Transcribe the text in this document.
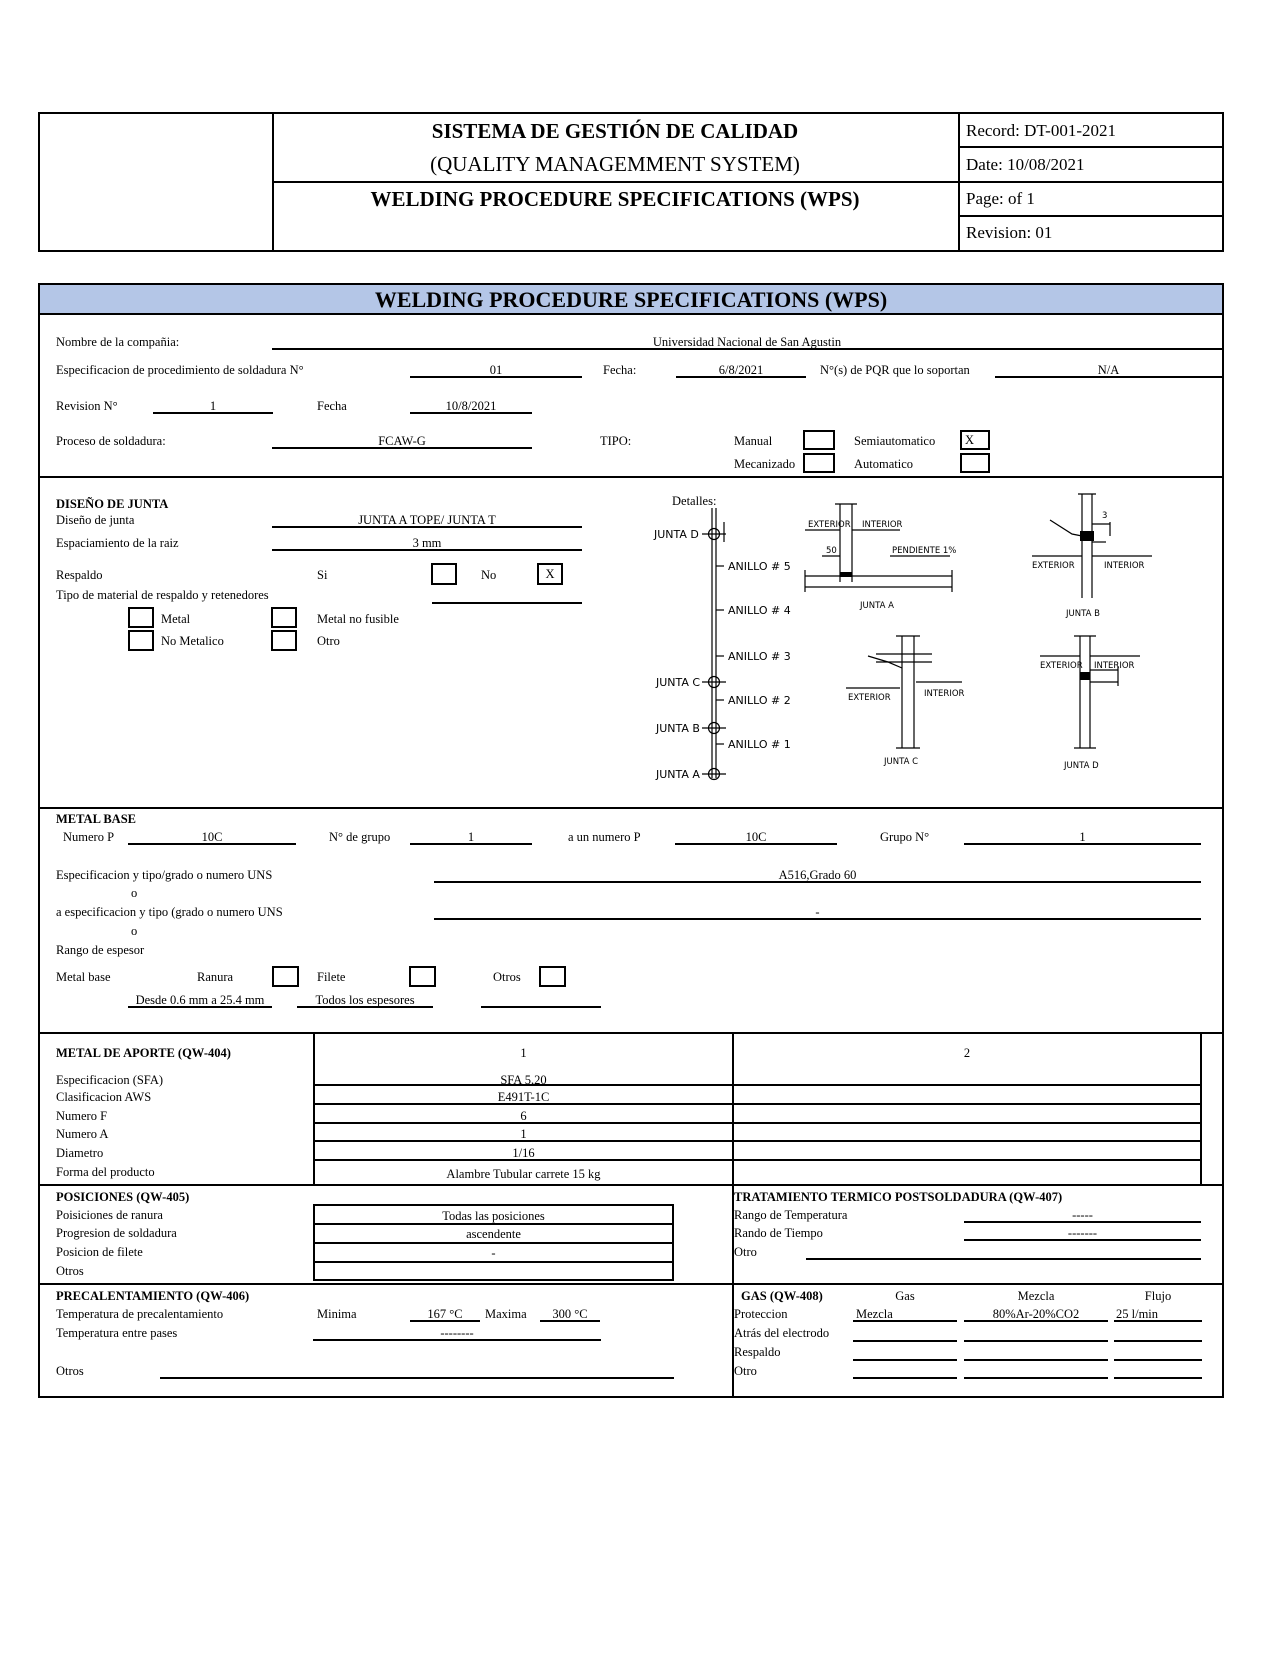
SISTEMA DE GESTIÓN DE CALIDAD
(QUALITY MANAGEMMENT SYSTEM)
WELDING PROCEDURE SPECIFICATIONS (WPS)
Record: DT-001-2021
Date: 10/08/2021
Page: of 1
Revision: 01
WELDING PROCEDURE SPECIFICATIONS (WPS)
Nombre de la compañia:	Universidad Nacional de San Agustin
Especificacion de procedimiento de soldadura N°	01	Fecha:	6/8/2021	N°(s) de PQR que lo soportan	N/A
Revision N°	1	Fecha	10/8/2021
Proceso de soldadura:	FCAW-G	TIPO:	Manual	Semiautomatico	X
Mecanizado	Automatico
DISEÑO DE JUNTA
Diseño de junta	JUNTA A TOPE/ JUNTA T
Espaciamiento de la raiz	3 mm
Respaldo	Si	No	X
Tipo de material de respaldo y retenedores
Metal	Metal no fusible
No Metalico	Otro
Detalles:
JUNTA D
JUNTA C
JUNTA B
JUNTA A
ANILLO # 5
ANILLO # 4
ANILLO # 3
ANILLO # 2
ANILLO # 1
EXTERIOR INTERIOR
50	PENDIENTE 1%
JUNTA A
3
EXTERIOR	INTERIOR
JUNTA B
EXTERIOR	INTERIOR
JUNTA C
EXTERIOR INTERIOR
JUNTA D
METAL BASE
Numero P	10C	N° de grupo	1	a un numero P	10C	Grupo N°	1
Especificacion y tipo/grado o numero UNS	A516,Grado 60
o
a especificacion y tipo (grado o numero UNS	-
o
Rango de espesor
Metal base	Ranura	Filete	Otros
Desde 0.6 mm a 25.4 mm	Todos los espesores
METAL DE APORTE (QW-404)	1	2
Especificacion (SFA)	SFA 5,20
Clasificacion AWS	E491T-1C
Numero F	6
Numero A	1
Diametro	1/16
Forma del producto	Alambre Tubular carrete 15 kg
POSICIONES (QW-405)
Poisiciones de ranura	Todas las posiciones
Progresion de soldadura	ascendente
Posicion de filete	-
Otros
TRATAMIENTO TERMICO POSTSOLDADURA (QW-407)
Rango de Temperatura	-----
Rando de Tiempo	-------
Otro
PRECALENTAMIENTO (QW-406)
Temperatura de precalentamiento	Minima	167 °C	Maxima	300 °C
Temperatura entre pases	--------
Otros
GAS (QW-408)	Gas	Mezcla	Flujo
Proteccion	Mezcla	80%Ar-20%CO2	25 l/min
Atrás del electrodo
Respaldo
Otro
